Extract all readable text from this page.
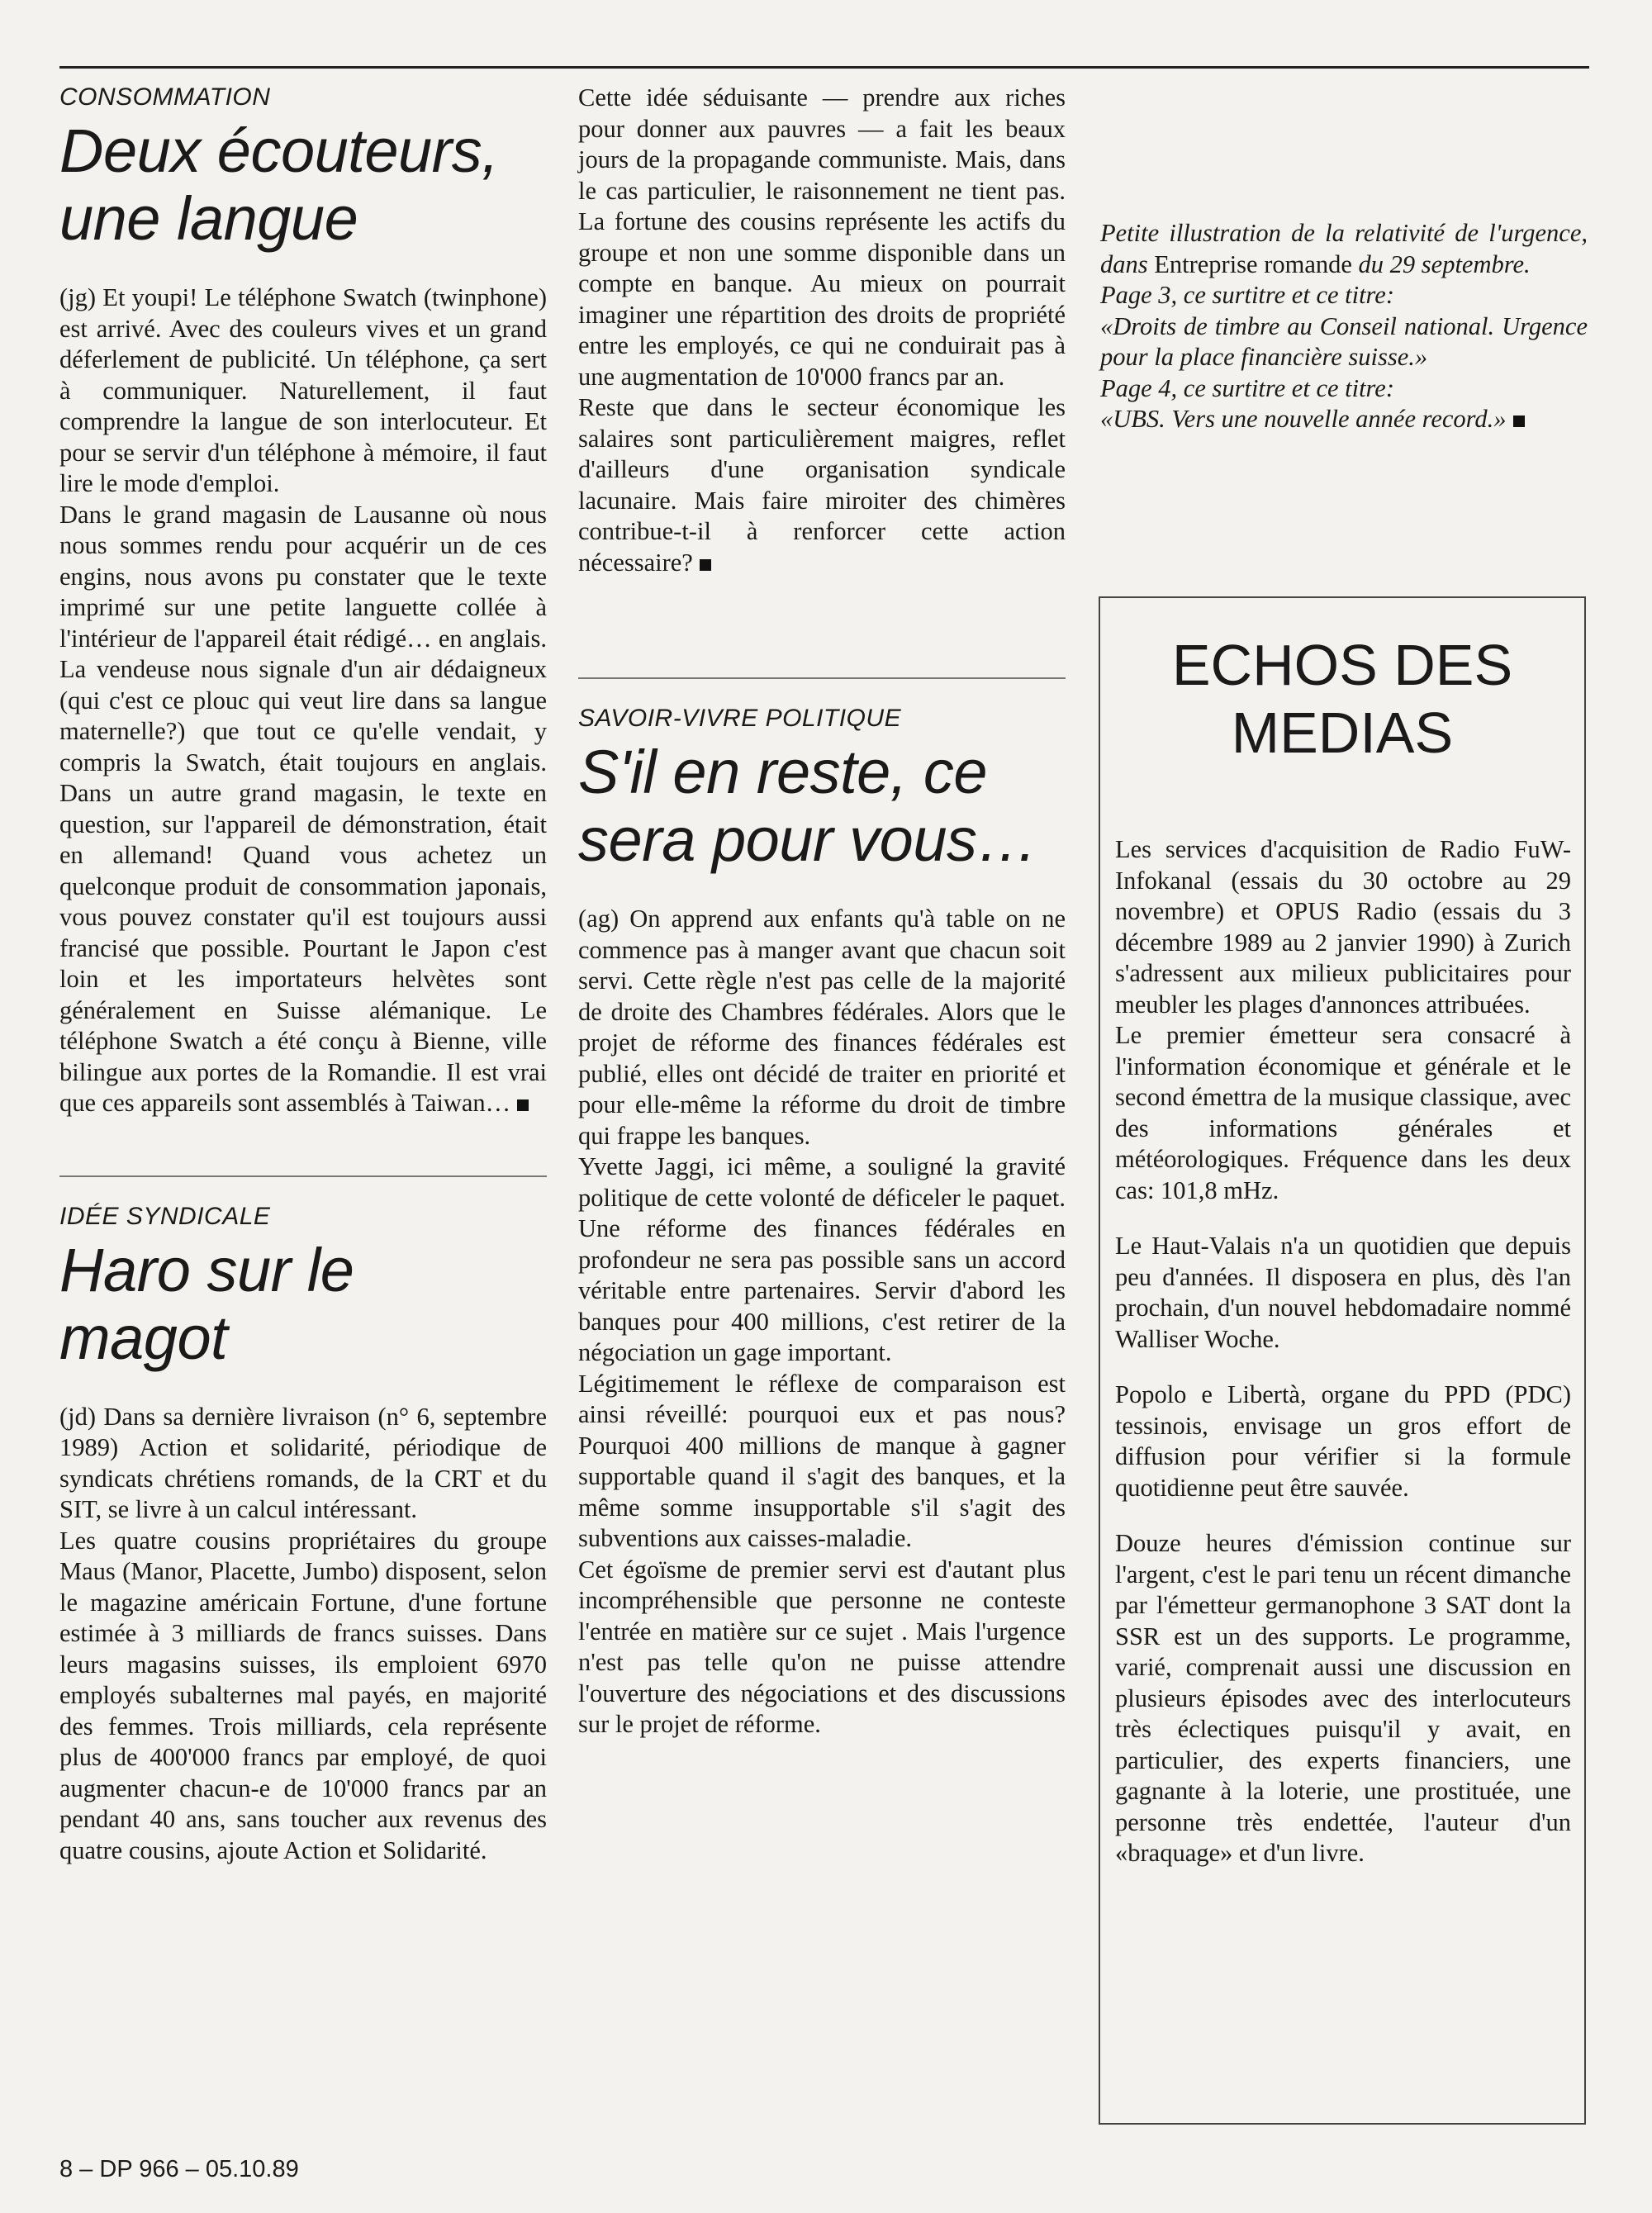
CONSOMMATION
Deux écouteurs, une langue

(jg) Et youpi! Le téléphone Swatch (twinphone) est arrivé. Avec des couleurs vives et un grand déferlement de publicité. Un téléphone, ça sert à communiquer. Naturellement, il faut comprendre la langue de son interlocuteur. Et pour se servir d'un téléphone à mémoire, il faut lire le mode d'emploi.

Dans le grand magasin de Lausanne où nous nous sommes rendu pour acquérir un de ces engins, nous avons pu constater que le texte imprimé sur une petite languette collée à l'intérieur de l'appareil était rédigé… en anglais. La vendeuse nous signale d'un air dédaigneux (qui c'est ce plouc qui veut lire dans sa langue maternelle?) que tout ce qu'elle vendait, y compris la Swatch, était toujours en anglais. Dans un autre grand magasin, le texte en question, sur l'appareil de démonstration, était en allemand! Quand vous achetez un quelconque produit de consommation japonais, vous pouvez constater qu'il est toujours aussi francisé que possible. Pourtant le Japon c'est loin et les importateurs helvètes sont généralement en Suisse alémanique. Le téléphone Swatch a été conçu à Bienne, ville bilingue aux portes de la Romandie. Il est vrai que ces appareils sont assemblés à Taiwan…

IDÉE SYNDICALE
Haro sur le magot

(jd) Dans sa dernière livraison (n° 6, septembre 1989) Action et solidarité, périodique de syndicats chrétiens romands, de la CRT et du SIT, se livre à un calcul intéressant.

Les quatre cousins propriétaires du groupe Maus (Manor, Placette, Jumbo) disposent, selon le magazine américain Fortune, d'une fortune estimée à 3 milliards de francs suisses. Dans leurs magasins suisses, ils emploient 6970 employés subalternes mal payés, en majorité des femmes. Trois milliards, cela représente plus de 400'000 francs par employé, de quoi augmenter chacun-e de 10'000 francs par an pendant 40 ans, sans toucher aux revenus des quatre cousins, ajoute Action et Solidarité.

Cette idée séduisante — prendre aux riches pour donner aux pauvres — a fait les beaux jours de la propagande communiste. Mais, dans le cas particulier, le raisonnement ne tient pas. La fortune des cousins représente les actifs du groupe et non une somme disponible dans un compte en banque. Au mieux on pourrait imaginer une répartition des droits de propriété entre les employés, ce qui ne conduirait pas à une augmentation de 10'000 francs par an.

Reste que dans le secteur économique les salaires sont particulièrement maigres, reflet d'ailleurs d'une organisation syndicale lacunaire. Mais faire miroiter des chimères contribue-t-il à renforcer cette action nécessaire?

SAVOIR-VIVRE POLITIQUE
S'il en reste, ce sera pour vous…

(ag) On apprend aux enfants qu'à table on ne commence pas à manger avant que chacun soit servi. Cette règle n'est pas celle de la majorité de droite des Chambres fédérales. Alors que le projet de réforme des finances fédérales est publié, elles ont décidé de traiter en priorité et pour elle-même la réforme du droit de timbre qui frappe les banques.

Yvette Jaggi, ici même, a souligné la gravité politique de cette volonté de déficeler le paquet. Une réforme des finances fédérales en profondeur ne sera pas possible sans un accord véritable entre partenaires. Servir d'abord les banques pour 400 millions, c'est retirer de la négociation un gage important.

Légitimement le réflexe de comparaison est ainsi réveillé: pourquoi eux et pas nous? Pourquoi 400 millions de manque à gagner supportable quand il s'agit des banques, et la même somme insupportable s'il s'agit des subventions aux caisses-maladie.

Cet égoïsme de premier servi est d'autant plus incompréhensible que personne ne conteste l'entrée en matière sur ce sujet . Mais l'urgence n'est pas telle qu'on ne puisse attendre l'ouverture des négociations et des discussions sur le projet de réforme.

Petite illustration de la relativité de l'urgence, dans Entreprise romande du 29 septembre.

Page 3, ce surtitre et ce titre:

«Droits de timbre au Conseil national. Urgence pour la place financière suisse.»

Page 4, ce surtitre et ce titre:

«UBS. Vers une nouvelle année record.»

ECHOS DES MEDIAS

Les services d'acquisition de Radio FuW-Infokanal (essais du 30 octobre au 29 novembre) et OPUS Radio (essais du 3 décembre 1989 au 2 janvier 1990) à Zurich s'adressent aux milieux publicitaires pour meubler les plages d'annonces attribuées.

Le premier émetteur sera consacré à l'information économique et générale et le second émettra de la musique classique, avec des informations générales et météorologiques. Fréquence dans les deux cas: 101,8 mHz.

Le Haut-Valais n'a un quotidien que depuis peu d'années. Il disposera en plus, dès l'an prochain, d'un nouvel hebdomadaire nommé Walliser Woche.

Popolo e Libertà, organe du PPD (PDC) tessinois, envisage un gros effort de diffusion pour vérifier si la formule quotidienne peut être sauvée.

Douze heures d'émission continue sur l'argent, c'est le pari tenu un récent dimanche par l'émetteur germanophone 3 SAT dont la SSR est un des supports. Le programme, varié, comprenait aussi une discussion en plusieurs épisodes avec des interlocuteurs très éclectiques puisqu'il y avait, en particulier, des experts financiers, une gagnante à la loterie, une prostituée, une personne très endettée, l'auteur d'un «braquage» et d'un livre.

8 – DP 966 – 05.10.89
